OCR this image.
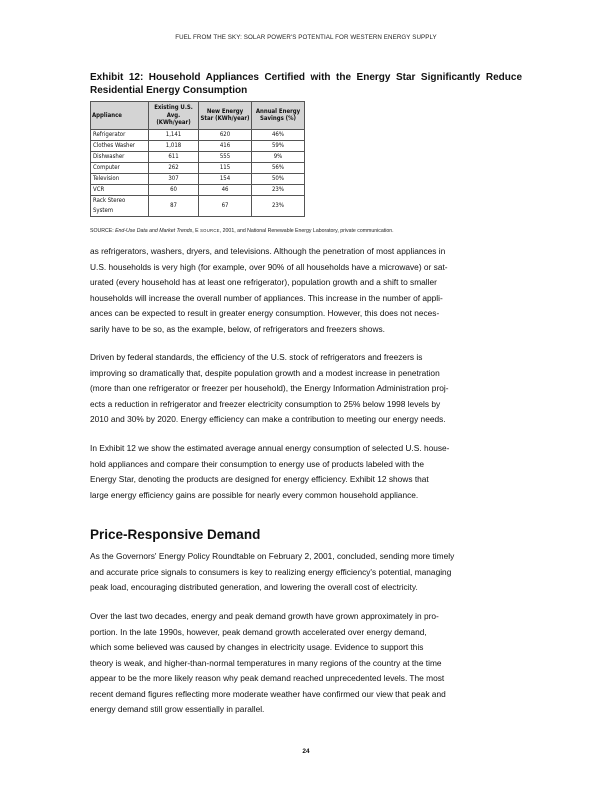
FUEL FROM THE SKY: SOLAR POWER'S POTENTIAL FOR WESTERN ENERGY SUPPLY
Exhibit 12: Household Appliances Certified with the Energy Star Significantly Reduce Residential Energy Consumption
Appliance	Existing U.S. Avg. (KWh/year)	New Energy Star (KWh/year)	Annual Energy Savings (%)
Refrigerator	1,141	620	46%
Clothes Washer	1,018	416	59%
Dishwasher	611	555	9%
Computer	262	115	56%
Television	307	154	50%
VCR	60	46	23%
Rack Stereo System	87	67	23%
SOURCE: End-Use Data and Market Trends, E SOURCE, 2001, and National Renewable Energy Laboratory, private communication.

as refrigerators, washers, dryers, and televisions. Although the penetration of most appliances in
U.S. households is very high (for example, over 90% of all households have a microwave) or sat-
urated (every household has at least one refrigerator), population growth and a shift to smaller
households will increase the overall number of appliances. This increase in the number of appli-
ances can be expected to result in greater energy consumption. However, this does not neces-
sarily have to be so, as the example, below, of refrigerators and freezers shows.

Driven by federal standards, the efficiency of the U.S. stock of refrigerators and freezers is
improving so dramatically that, despite population growth and a modest increase in penetration
(more than one refrigerator or freezer per household), the Energy Information Administration proj-
ects a reduction in refrigerator and freezer electricity consumption to 25% below 1998 levels by
2010 and 30% by 2020. Energy efficiency can make a contribution to meeting our energy needs.

In Exhibit 12 we show the estimated average annual energy consumption of selected U.S. house-
hold appliances and compare their consumption to energy use of products labeled with the
Energy Star, denoting the products are designed for energy efficiency. Exhibit 12 shows that
large energy efficiency gains are possible for nearly every common household appliance.

Price-Responsive Demand

As the Governors' Energy Policy Roundtable on February 2, 2001, concluded, sending more timely
and accurate price signals to consumers is key to realizing energy efficiency's potential, managing
peak load, encouraging distributed generation, and lowering the overall cost of electricity.

Over the last two decades, energy and peak demand growth have grown approximately in pro-
portion. In the late 1990s, however, peak demand growth accelerated over energy demand,
which some believed was caused by changes in electricity usage. Evidence to support this
theory is weak, and higher-than-normal temperatures in many regions of the country at the time
appear to be the more likely reason why peak demand reached unprecedented levels. The most
recent demand figures reflecting more moderate weather have confirmed our view that peak and
energy demand still grow essentially in parallel.

24
